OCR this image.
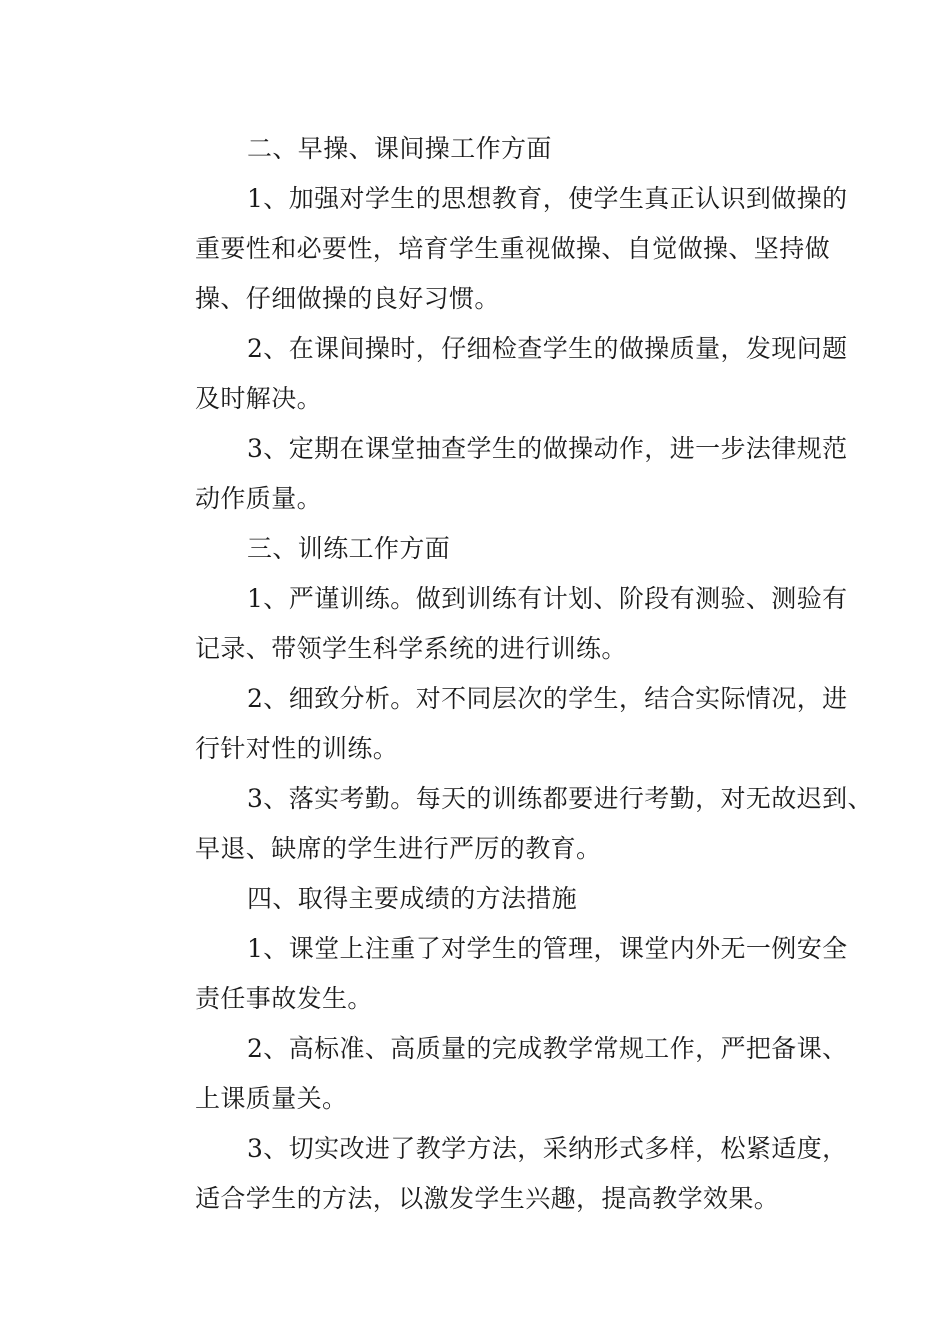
二、早操、课间操工作方面
1、加强对学生的思想教育，使学生真正认识到做操的
重要性和必要性，培育学生重视做操、自觉做操、坚持做
操、仔细做操的良好习惯。
2、在课间操时，仔细检查学生的做操质量，发现问题
及时解决。
3、定期在课堂抽查学生的做操动作，进一步法律规范
动作质量。
三、训练工作方面
1、严谨训练。做到训练有计划、阶段有测验、测验有
记录、带领学生科学系统的进行训练。
2、细致分析。对不同层次的学生，结合实际情况，进
行针对性的训练。
3、落实考勤。每天的训练都要进行考勤，对无故迟到、
早退、缺席的学生进行严厉的教育。
四、取得主要成绩的方法措施
1、课堂上注重了对学生的管理，课堂内外无一例安全
责任事故发生。
2、高标准、高质量的完成教学常规工作，严把备课、
上课质量关。
3、切实改进了教学方法，采纳形式多样，松紧适度，
适合学生的方法，以激发学生兴趣，提高教学效果。
